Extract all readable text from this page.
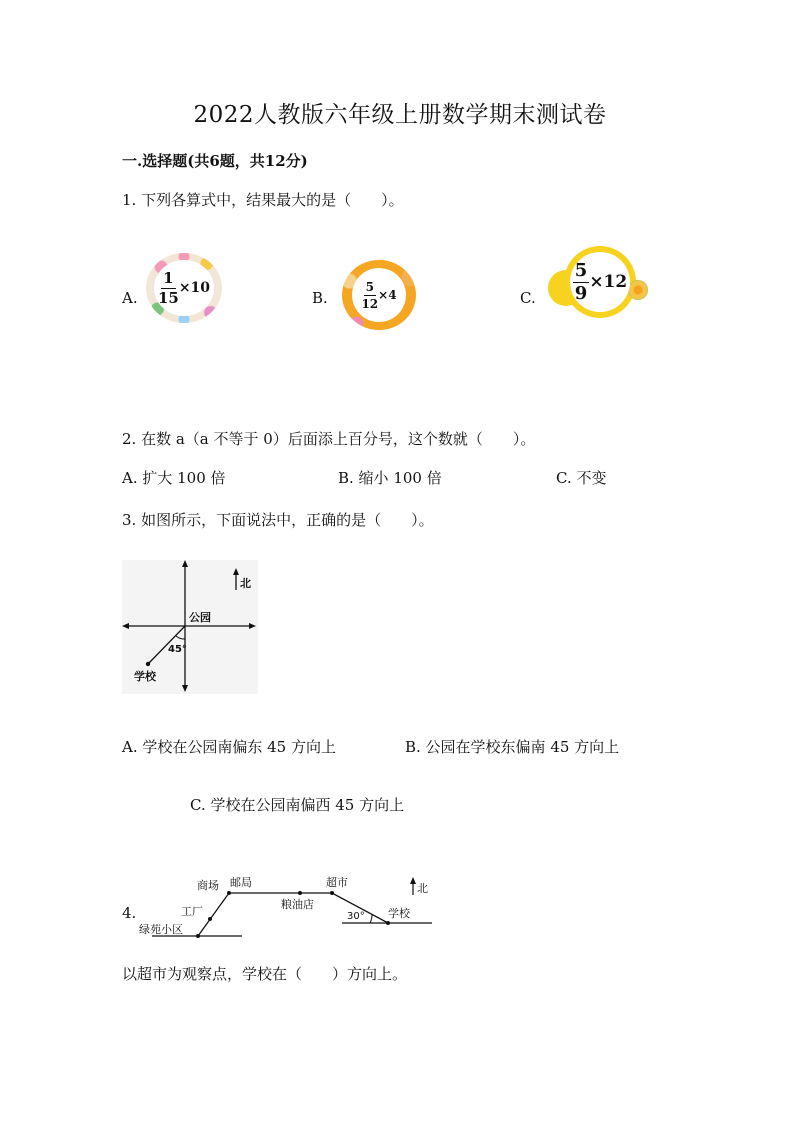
2022人教版六年级上册数学期末测试卷
一.选择题(共6题，共12分)
1. 下列各算式中，结果最大的是（　　）。
A. $\frac{1}{15} \times 10$
B.	$\frac{5}{12} \times 4$	C. $\frac{5}{9} \times 12$
2. 在数 a（a 不等于 0）后面添上百分号，这个数就（　　）。
A. 扩大 100 倍	B. 缩小 100 倍	C. 不变
3. 如图所示，下面说法中，正确的是（　　）。
北
公园
45°
学校
A. 学校在公园南偏东 45 方向上	B. 公园在学校东偏南 45 方向上
C. 学校在公园南偏西 45 方向上
4.
北
商场 邮局	超市
工厂
粮油店
30° 学校
绿苑小区
以超市为观察点，学校在（　　）方向上。
